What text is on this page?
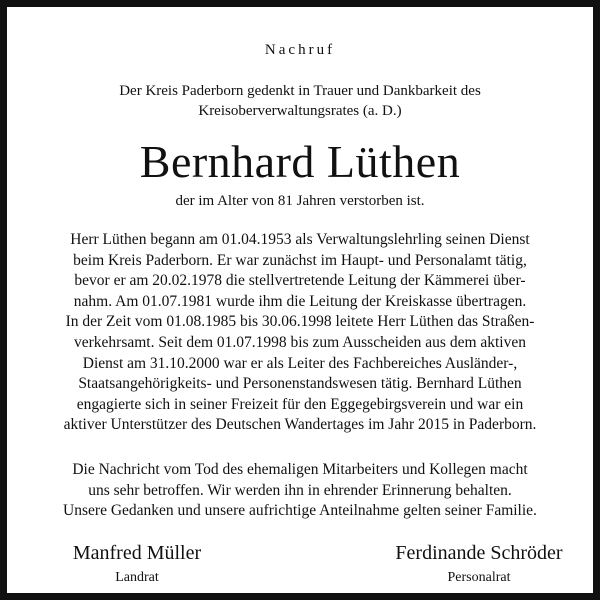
Nachruf
Der Kreis Paderborn gedenkt in Trauer und Dankbarkeit des
Kreisoberverwaltungsrates (a. D.)
Bernhard Lüthen
der im Alter von 81 Jahren verstorben ist.
Herr Lüthen begann am 01.04.1953 als Verwaltungslehrling seinen Dienst
beim Kreis Paderborn. Er war zunächst im Haupt- und Personalamt tätig,
bevor er am 20.02.1978 die stellvertretende Leitung der Kämmerei über-
nahm. Am 01.07.1981 wurde ihm die Leitung der Kreiskasse übertragen.
In der Zeit vom 01.08.1985 bis 30.06.1998 leitete Herr Lüthen das Straßen-
verkehrsamt. Seit dem 01.07.1998 bis zum Ausscheiden aus dem aktiven
Dienst am 31.10.2000 war er als Leiter des Fachbereiches Ausländer-,
Staatsangehörigkeits- und Personenstandswesen tätig. Bernhard Lüthen
engagierte sich in seiner Freizeit für den Eggegebirgsverein und war ein
aktiver Unterstützer des Deutschen Wandertages im Jahr 2015 in Paderborn.
Die Nachricht vom Tod des ehemaligen Mitarbeiters und Kollegen macht
uns sehr betroffen. Wir werden ihn in ehrender Erinnerung behalten.
Unsere Gedanken und unsere aufrichtige Anteilnahme gelten seiner Familie.
Manfred Müller
Landrat
Ferdinande Schröder
Personalrat
